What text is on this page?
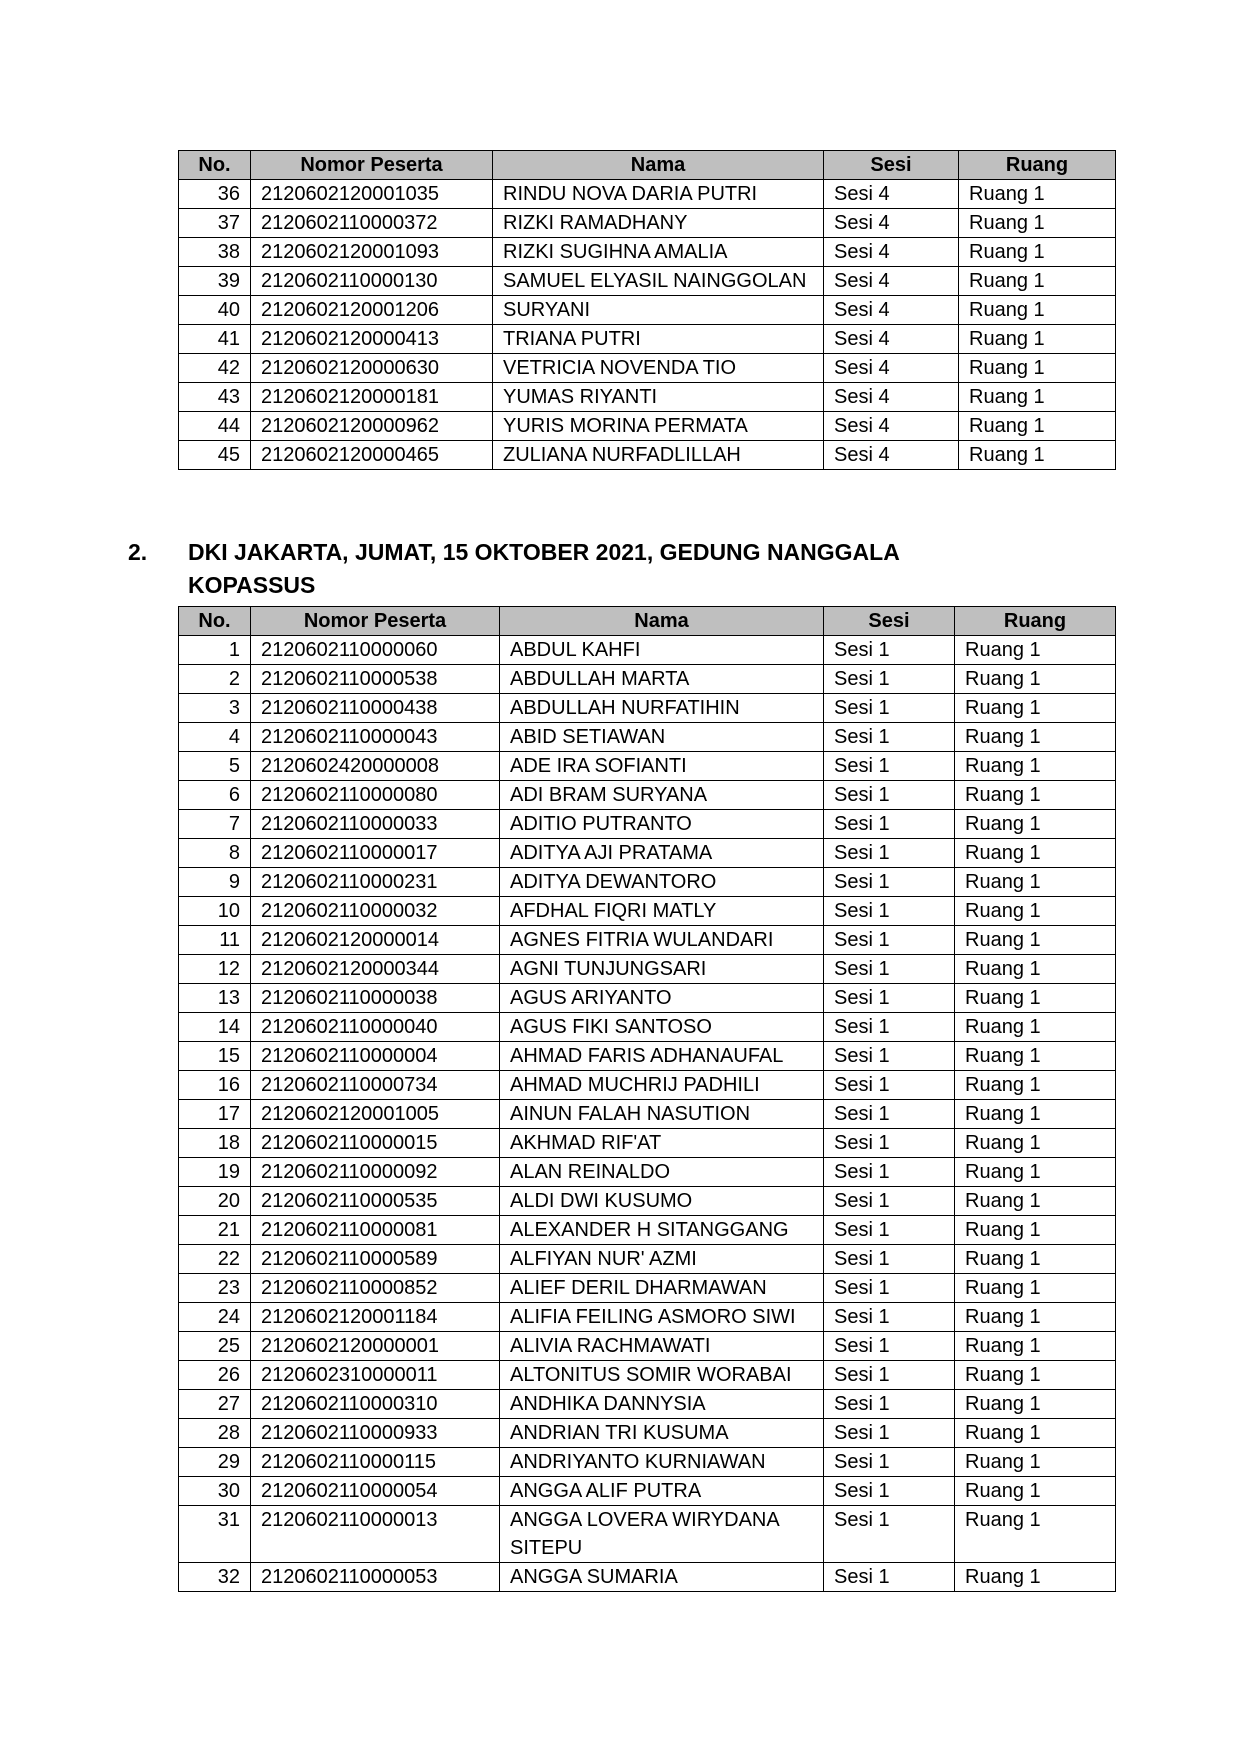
No.	Nomor Peserta	Nama	Sesi	Ruang
36	2120602120001035	RINDU NOVA DARIA PUTRI	Sesi 4	Ruang 1
37	2120602110000372	RIZKI RAMADHANY	Sesi 4	Ruang 1
38	2120602120001093	RIZKI SUGIHNA AMALIA	Sesi 4	Ruang 1
39	2120602110000130	SAMUEL ELYASIL NAINGGOLAN	Sesi 4	Ruang 1
40	2120602120001206	SURYANI	Sesi 4	Ruang 1
41	2120602120000413	TRIANA PUTRI	Sesi 4	Ruang 1
42	2120602120000630	VETRICIA NOVENDA TIO	Sesi 4	Ruang 1
43	2120602120000181	YUMAS RIYANTI	Sesi 4	Ruang 1
44	2120602120000962	YURIS MORINA PERMATA	Sesi 4	Ruang 1
45	2120602120000465	ZULIANA NURFADLILLAH	Sesi 4	Ruang 1
2. DKI JAKARTA, JUMAT, 15 OKTOBER 2021, GEDUNG NANGGALA KOPASSUS
No.	Nomor Peserta	Nama	Sesi	Ruang
1	2120602110000060	ABDUL KAHFI	Sesi 1	Ruang 1
2	2120602110000538	ABDULLAH MARTA	Sesi 1	Ruang 1
3	2120602110000438	ABDULLAH NURFATIHIN	Sesi 1	Ruang 1
4	2120602110000043	ABID SETIAWAN	Sesi 1	Ruang 1
5	2120602420000008	ADE IRA SOFIANTI	Sesi 1	Ruang 1
6	2120602110000080	ADI BRAM SURYANA	Sesi 1	Ruang 1
7	2120602110000033	ADITIO PUTRANTO	Sesi 1	Ruang 1
8	2120602110000017	ADITYA AJI PRATAMA	Sesi 1	Ruang 1
9	2120602110000231	ADITYA DEWANTORO	Sesi 1	Ruang 1
10	2120602110000032	AFDHAL FIQRI MATLY	Sesi 1	Ruang 1
11	2120602120000014	AGNES FITRIA WULANDARI	Sesi 1	Ruang 1
12	2120602120000344	AGNI TUNJUNGSARI	Sesi 1	Ruang 1
13	2120602110000038	AGUS ARIYANTO	Sesi 1	Ruang 1
14	2120602110000040	AGUS FIKI SANTOSO	Sesi 1	Ruang 1
15	2120602110000004	AHMAD FARIS ADHANAUFAL	Sesi 1	Ruang 1
16	2120602110000734	AHMAD MUCHRIJ PADHILI	Sesi 1	Ruang 1
17	2120602120001005	AINUN FALAH NASUTION	Sesi 1	Ruang 1
18	2120602110000015	AKHMAD RIF'AT	Sesi 1	Ruang 1
19	2120602110000092	ALAN REINALDO	Sesi 1	Ruang 1
20	2120602110000535	ALDI DWI KUSUMO	Sesi 1	Ruang 1
21	2120602110000081	ALEXANDER H SITANGGANG	Sesi 1	Ruang 1
22	2120602110000589	ALFIYAN NUR' AZMI	Sesi 1	Ruang 1
23	2120602110000852	ALIEF DERIL DHARMAWAN	Sesi 1	Ruang 1
24	2120602120001184	ALIFIA FEILING ASMORO SIWI	Sesi 1	Ruang 1
25	2120602120000001	ALIVIA RACHMAWATI	Sesi 1	Ruang 1
26	2120602310000011	ALTONITUS SOMIR WORABAI	Sesi 1	Ruang 1
27	2120602110000310	ANDHIKA DANNYSIA	Sesi 1	Ruang 1
28	2120602110000933	ANDRIAN TRI KUSUMA	Sesi 1	Ruang 1
29	2120602110000115	ANDRIYANTO KURNIAWAN	Sesi 1	Ruang 1
30	2120602110000054	ANGGA ALIF PUTRA	Sesi 1	Ruang 1
31	2120602110000013	ANGGA LOVERA WIRYDANA SITEPU	Sesi 1	Ruang 1
32	2120602110000053	ANGGA SUMARIA	Sesi 1	Ruang 1
